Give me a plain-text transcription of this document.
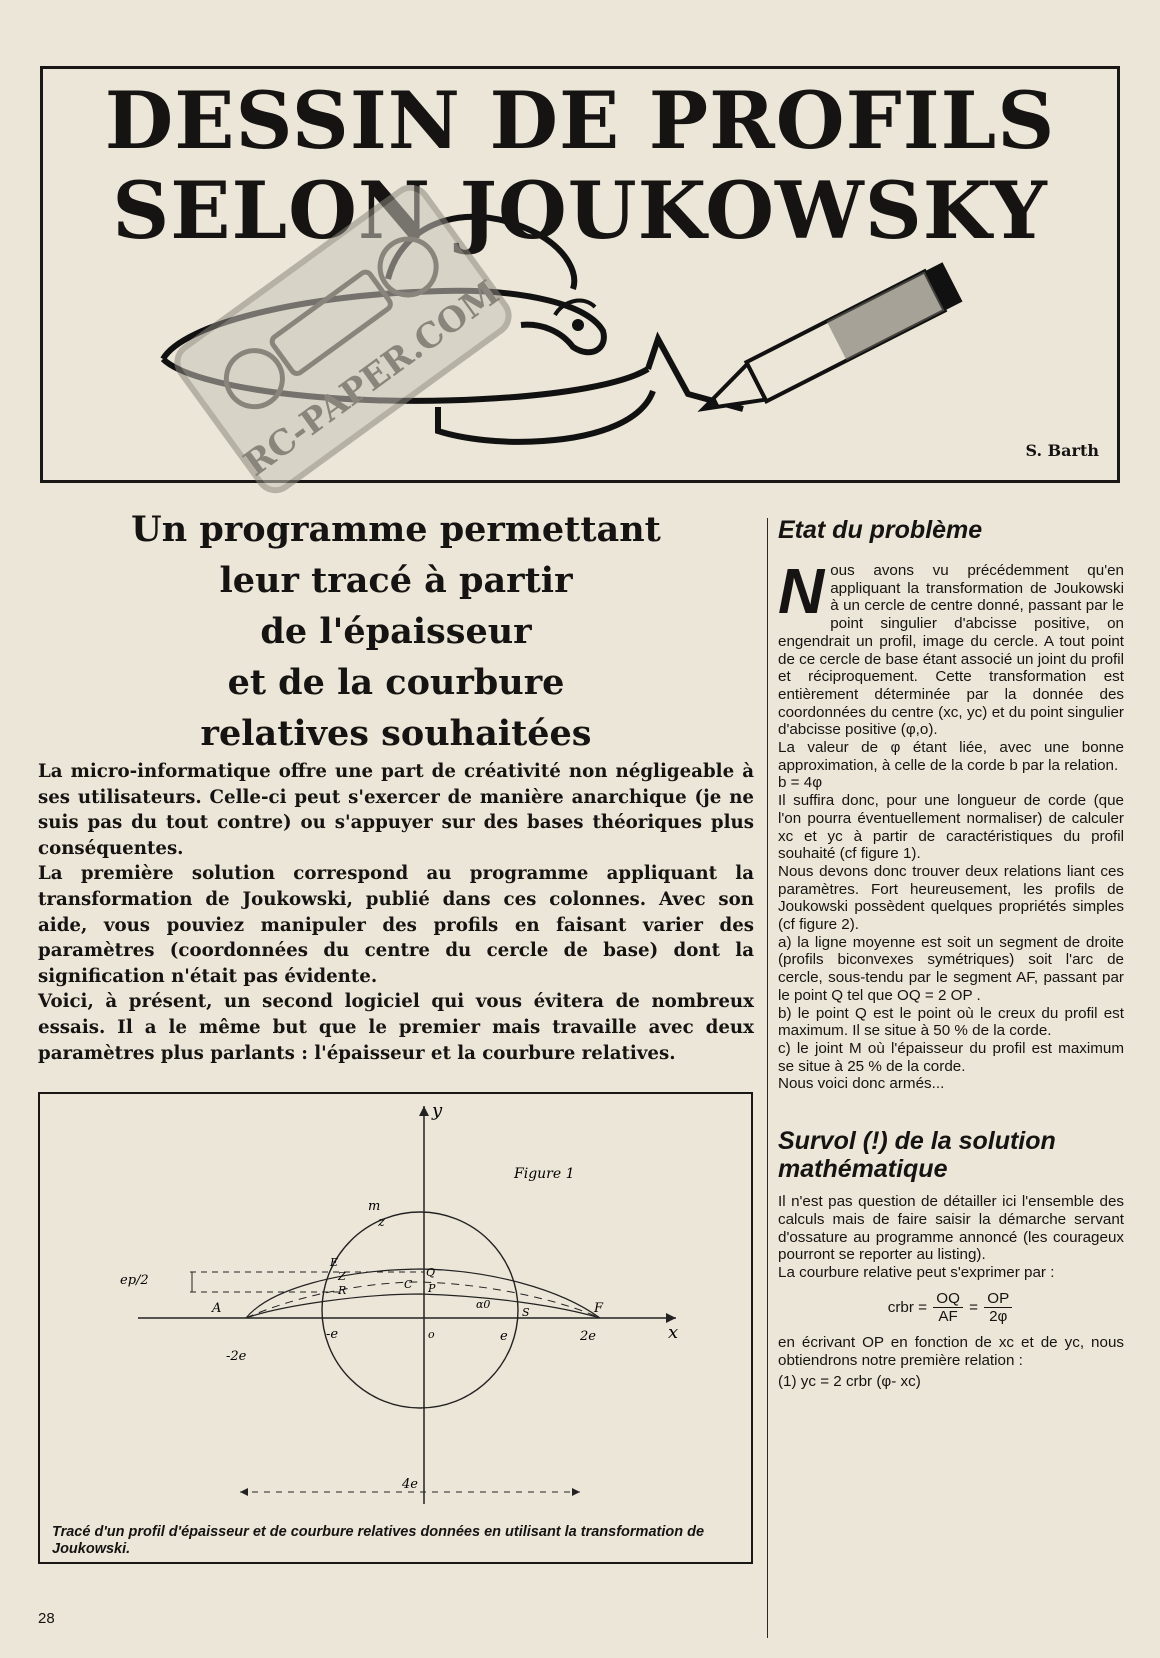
DESSIN DE PROFILS
SELON JOUKOWSKY
RC-PAPER.COM	S. Barth

Un programme permettant

leur tracé à partir

de l'épaisseur

et de la courbure

relatives souhaitées

La micro-informatique offre une part de créativité non négligeable à ses utilisateurs. Celle-ci peut s'exercer de manière anarchique (je ne suis pas du tout contre) ou s'appuyer sur des bases théoriques plus conséquentes.

La première solution correspond au programme appliquant la transformation de Joukowski, publié dans ces colonnes. Avec son aide, vous pouviez manipuler des profils en faisant varier des paramètres (coordonnées du centre du cercle de base) dont la signification n'était pas évidente.

Voici, à présent, un second logiciel qui vous évitera de nombreux essais. Il a le même but que le premier mais travaille avec deux paramètres plus parlants : l'épaisseur et la courbure relatives.

Figure 1
y
x
m
z
E
Z
R
Q
C P
A	F
S
ep/2
-e	o
α0
e	2e
-2e
4e
Tracé d'un profil d'épaisseur et de courbure relatives données en utilisant la transformation de Joukowski.
Etat du problème
N ous avons vu précédemment qu'en appliquant la transformation de Joukowski à un cercle de centre donné, passant par le point singulier d'abcisse positive, on engendrait un profil, image du cercle. A tout point de ce cercle de base étant associé un joint du profil et réciproquement. Cette transformation est entièrement déterminée par la donnée des coordonnées du centre (xc, yc) et du point singulier d'abcisse positive (φ,o).

La valeur de φ étant liée, avec une bonne approximation, à celle de la corde b par la relation.

b = 4φ

Il suffira donc, pour une longueur de corde (que l'on pourra éventuellement normaliser) de calculer xc et yc à partir de caractéristiques du profil souhaité (cf figure 1).

Nous devons donc trouver deux relations liant ces paramètres. Fort heureusement, les profils de Joukowski possèdent quelques propriétés simples (cf figure 2).

a) la ligne moyenne est soit un segment de droite (profils biconvexes symétriques) soit l'arc de cercle, sous-tendu par le segment AF, passant par le point Q tel que OQ = 2 OP .

b) le point Q est le point où le creux du profil est maximum. Il se situe à 50 % de la corde.

c) le joint M où l'épaisseur du profil est maximum se situe à 25 % de la corde.

Nous voici donc armés...

Survol (!) de la solution mathématique

Il n'est pas question de détailler ici l'ensemble des calculs mais de faire saisir la démarche servant d'ossature au programme annoncé (les courageux pourront se reporter au listing).

La courbure relative peut s'exprimer par :

crbr = $\frac{OQ}{AF} = \frac{OP}{2\varphi}$

en écrivant OP en fonction de xc et de yc, nous obtiendrons notre première relation :

(1) yc = 2 crbr (φ- xc)

28
